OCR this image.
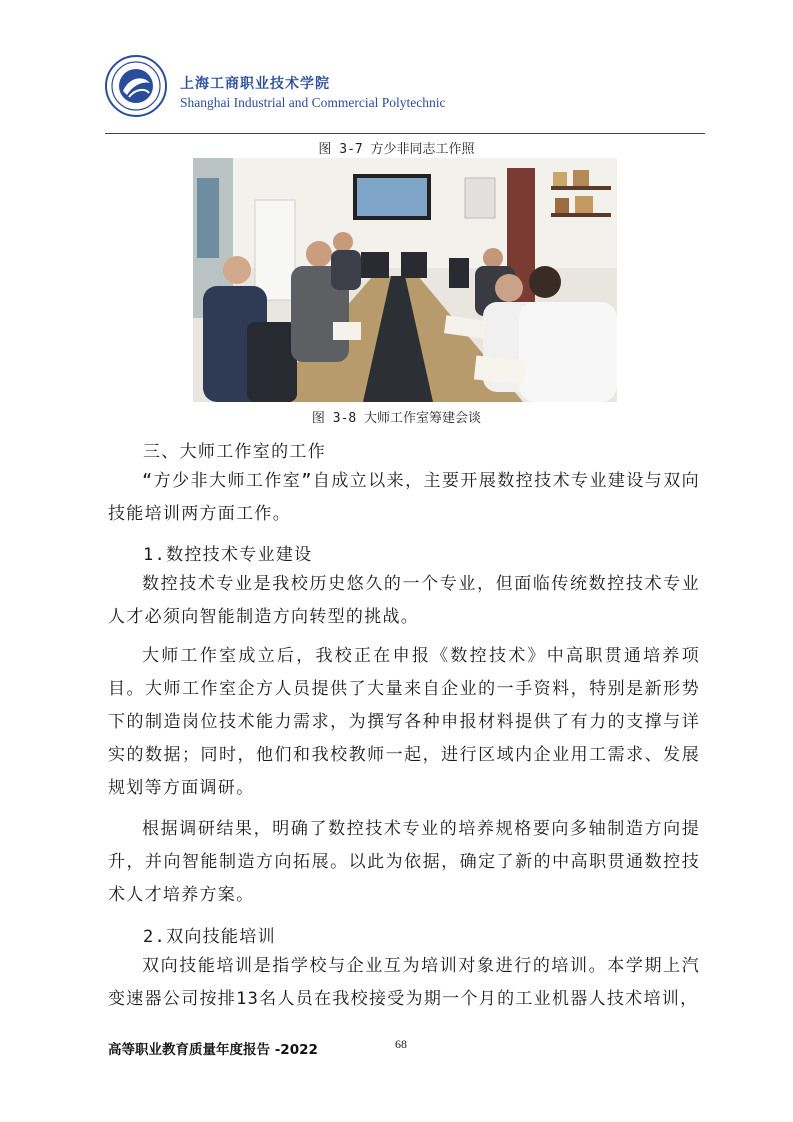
上海工商职业技术学院
Shanghai Industrial and Commercial Polytechnic
图 3-7 方少非同志工作照
图 3-8 大师工作室筹建会谈
三、大师工作室的工作

“方少非大师工作室”自成立以来，主要开展数控技术专业建设与双向技能培训两方面工作。

1.数控技术专业建设

数控技术专业是我校历史悠久的一个专业，但面临传统数控技术专业人才必须向智能制造方向转型的挑战。

大师工作室成立后，我校正在申报《数控技术》中高职贯通培养项目。大师工作室企方人员提供了大量来自企业的一手资料，特别是新形势下的制造岗位技术能力需求，为撰写各种申报材料提供了有力的支撑与详实的数据；同时，他们和我校教师一起，进行区域内企业用工需求、发展规划等方面调研。

根据调研结果，明确了数控技术专业的培养规格要向多轴制造方向提升，并向智能制造方向拓展。以此为依据，确定了新的中高职贯通数控技术人才培养方案。

2.双向技能培训

双向技能培训是指学校与企业互为培训对象进行的培训。本学期上汽变速器公司按排13名人员在我校接受为期一个月的工业机器人技术培训，

高等职业教育质量年度报告 -2022	68
